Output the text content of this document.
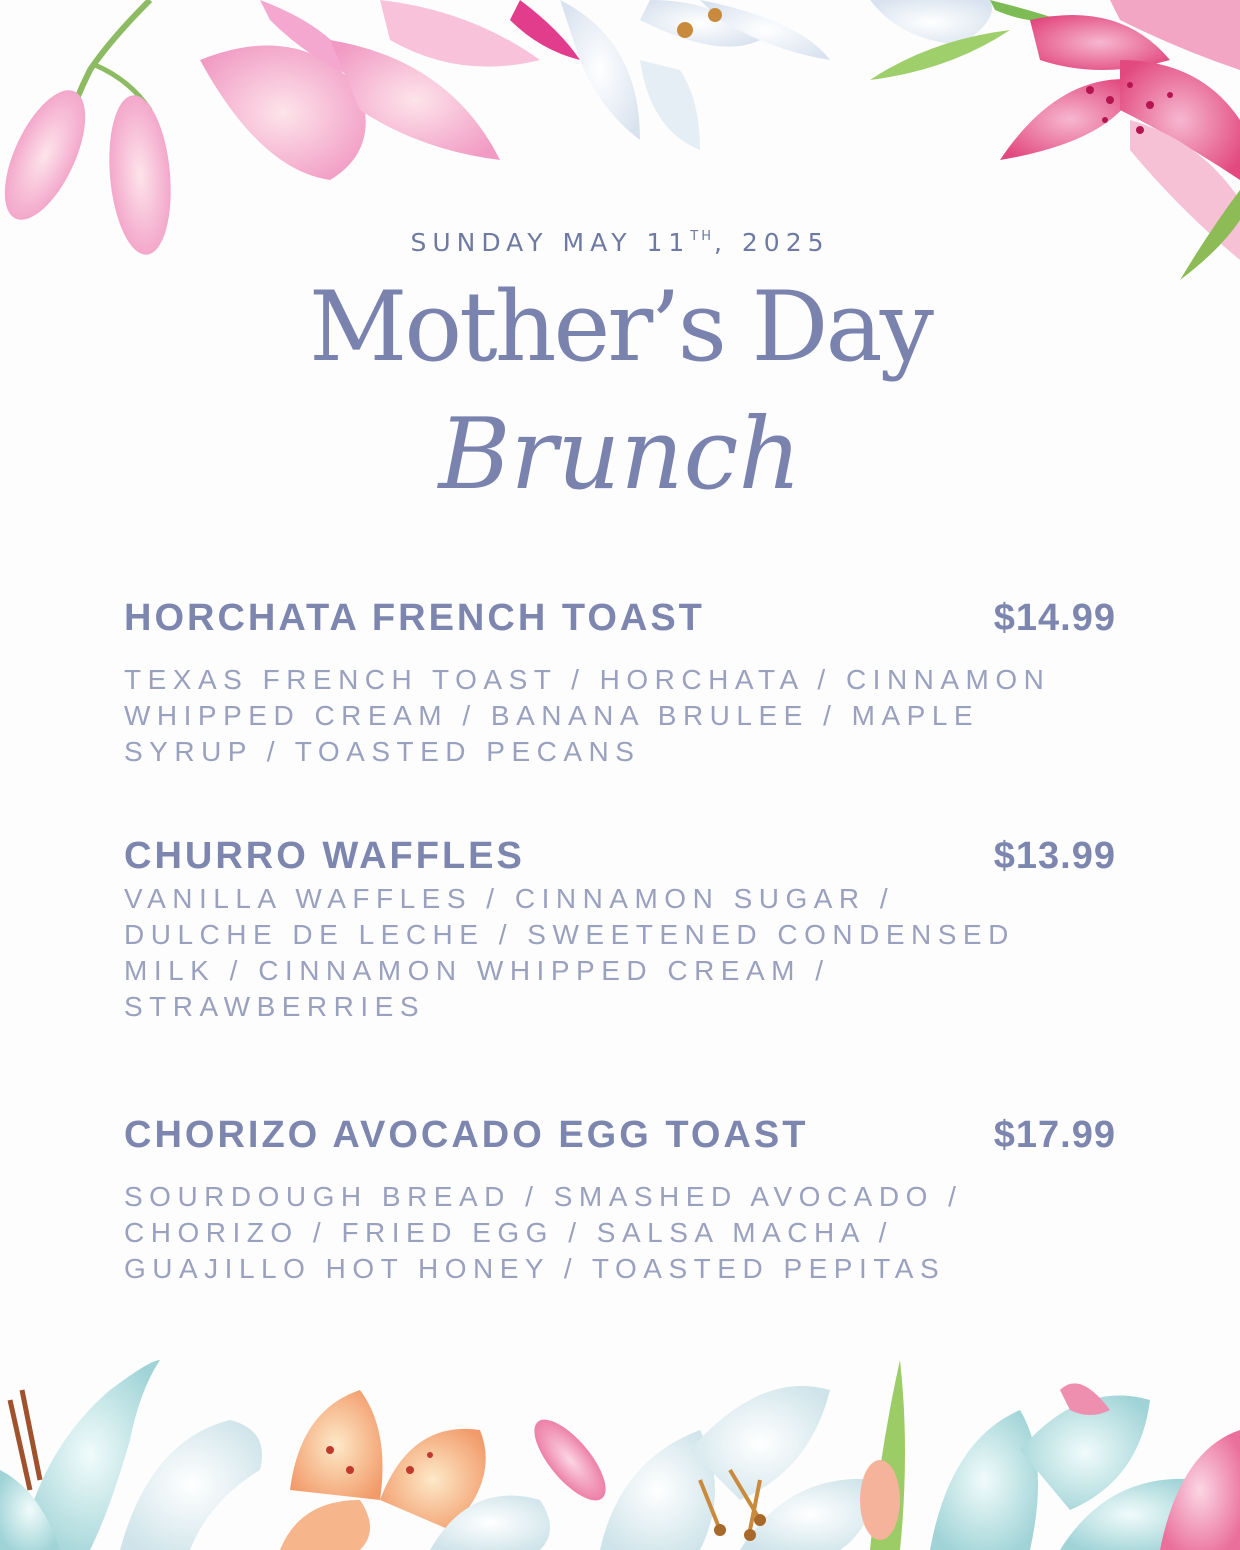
SUNDAY MAY 11TH, 2025
Mother’s Day
Brunch
HORCHATA FRENCH TOAST	$14.99
TEXAS FRENCH TOAST / HORCHATA / CINNAMON
WHIPPED CREAM / BANANA BRULEE / MAPLE
SYRUP / TOASTED PECANS
CHURRO WAFFLES	$13.99
VANILLA WAFFLES / CINNAMON SUGAR /
DULCHE DE LECHE / SWEETENED CONDENSED
MILK / CINNAMON WHIPPED CREAM /
STRAWBERRIES
CHORIZO AVOCADO EGG TOAST	$17.99
SOURDOUGH BREAD / SMASHED AVOCADO /
CHORIZO / FRIED EGG / SALSA MACHA /
GUAJILLO HOT HONEY / TOASTED PEPITAS
